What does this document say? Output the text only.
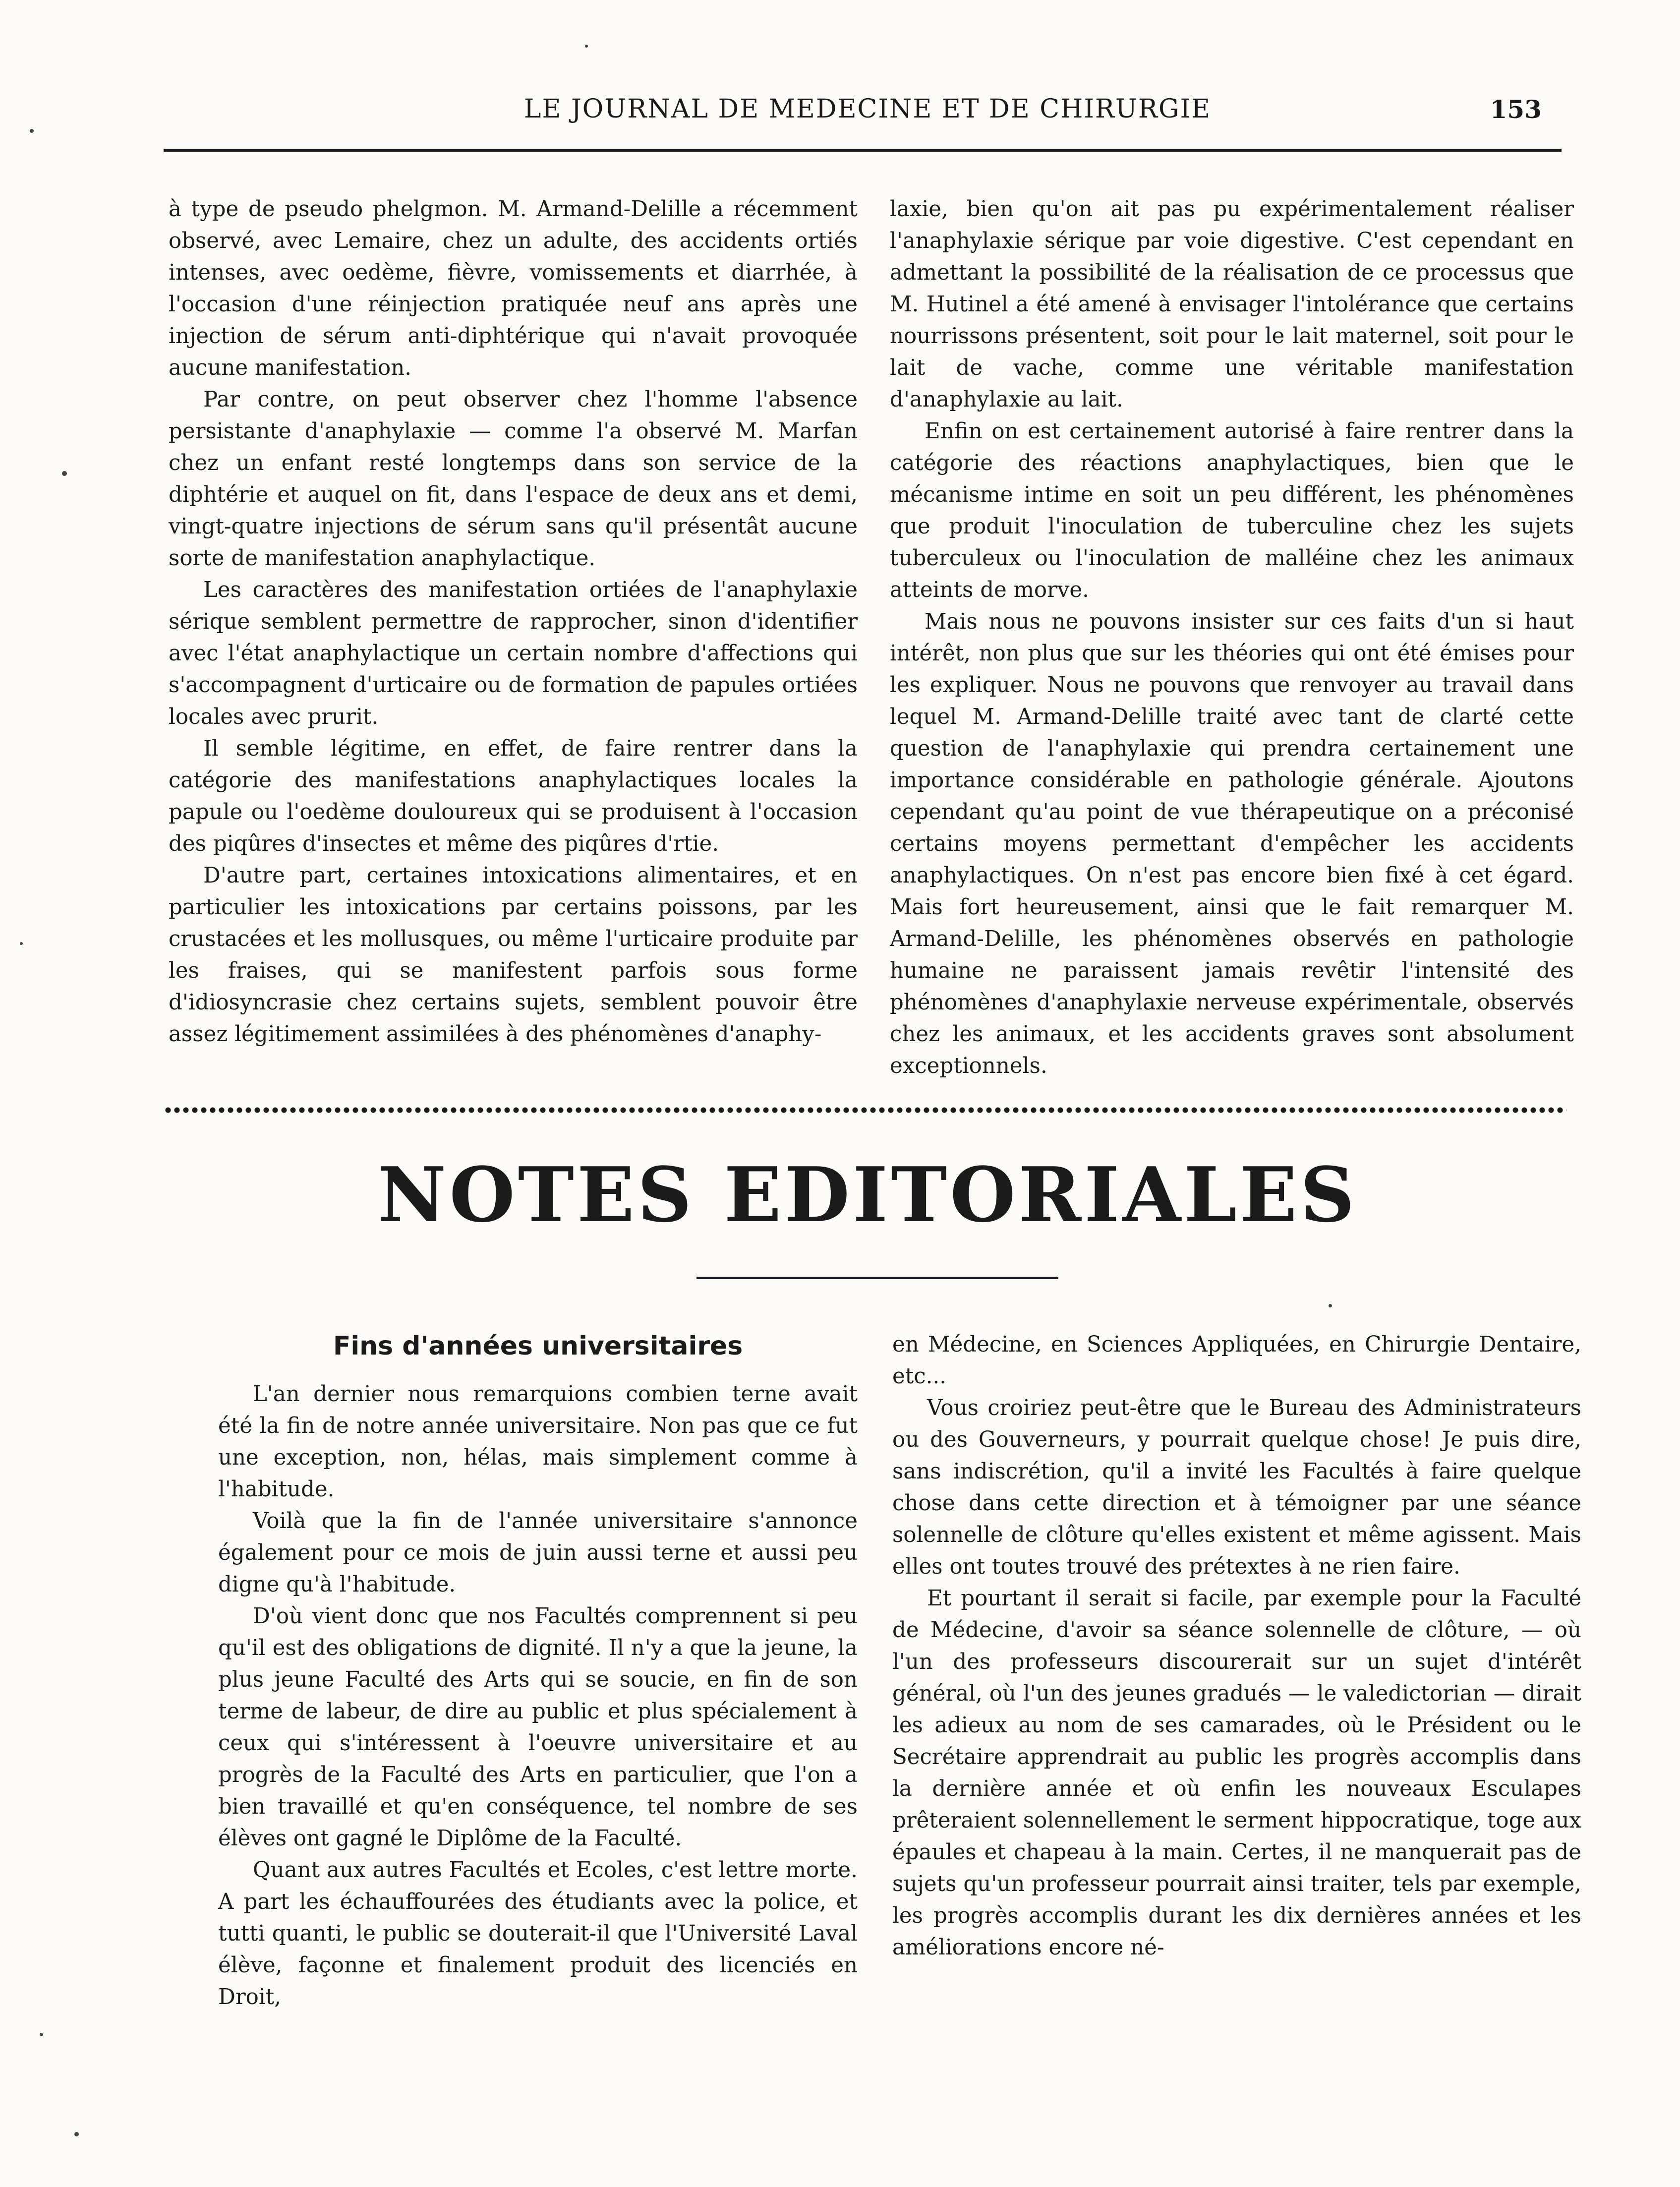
LE JOURNAL DE MEDECINE ET DE CHIRURGIE	153

à type de pseudo phelgmon. M. Armand-Delille a récemment observé, avec Lemaire, chez un adulte, des accidents ortiés intenses, avec oedème, fièvre, vomissements et diarrhée, à l'occasion d'une réinjection pratiquée neuf ans après une injection de sérum anti-diphtérique qui n'avait provoquée aucune manifestation.

Par contre, on peut observer chez l'homme l'absence persistante d'anaphylaxie — comme l'a observé M. Marfan chez un enfant resté longtemps dans son service de la diphtérie et auquel on fit, dans l'espace de deux ans et demi, vingt-quatre injections de sérum sans qu'il présentât aucune sorte de manifestation anaphylactique.

Les caractères des manifestation ortiées de l'anaphylaxie sérique semblent permettre de rapprocher, sinon d'identifier avec l'état anaphylactique un certain nombre d'affections qui s'accompagnent d'urticaire ou de formation de papules ortiées locales avec prurit.

Il semble légitime, en effet, de faire rentrer dans la catégorie des manifestations anaphylactiques locales la papule ou l'oedème douloureux qui se produisent à l'occasion des piqûres d'insectes et même des piqûres d'rtie.

D'autre part, certaines intoxications alimentaires, et en particulier les intoxications par certains poissons, par les crustacées et les mollusques, ou même l'urticaire produite par les fraises, qui se manifestent parfois sous forme d'idiosyncrasie chez certains sujets, semblent pouvoir être assez légitimement assimilées à des phénomènes d'anaphy-

laxie, bien qu'on ait pas pu expérimentalement réaliser l'anaphylaxie sérique par voie digestive. C'est cependant en admettant la possibilité de la réalisation de ce processus que M. Hutinel a été amené à envisager l'intolérance que certains nourrissons présentent, soit pour le lait maternel, soit pour le lait de vache, comme une véritable manifestation d'anaphylaxie au lait.

Enfin on est certainement autorisé à faire rentrer dans la catégorie des réactions anaphylactiques, bien que le mécanisme intime en soit un peu différent, les phénomènes que produit l'inoculation de tuberculine chez les sujets tuberculeux ou l'inoculation de malléine chez les animaux atteints de morve.

Mais nous ne pouvons insister sur ces faits d'un si haut intérêt, non plus que sur les théories qui ont été émises pour les expliquer. Nous ne pouvons que renvoyer au travail dans lequel M. Armand-Delille traité avec tant de clarté cette question de l'anaphylaxie qui prendra certainement une importance considérable en pathologie générale. Ajoutons cependant qu'au point de vue thérapeutique on a préconisé certains moyens permettant d'empêcher les accidents anaphylactiques. On n'est pas encore bien fixé à cet égard. Mais fort heureusement, ainsi que le fait remarquer M. Armand-Delille, les phénomènes observés en pathologie humaine ne paraissent jamais revêtir l'intensité des phénomènes d'anaphylaxie nerveuse expérimentale, observés chez les animaux, et les accidents graves sont absolument exceptionnels.

NOTES EDITORIALES
Fins d'années universitaires

L'an dernier nous remarquions combien terne avait été la fin de notre année universitaire. Non pas que ce fut une exception, non, hélas, mais simplement comme à l'habitude.

Voilà que la fin de l'année universitaire s'annonce également pour ce mois de juin aussi terne et aussi peu digne qu'à l'habitude.

D'où vient donc que nos Facultés comprennent si peu qu'il est des obligations de dignité. Il n'y a que la jeune, la plus jeune Faculté des Arts qui se soucie, en fin de son terme de labeur, de dire au public et plus spécialement à ceux qui s'intéressent à l'oeuvre universitaire et au progrès de la Faculté des Arts en particulier, que l'on a bien travaillé et qu'en conséquence, tel nombre de ses élèves ont gagné le Diplôme de la Faculté.

Quant aux autres Facultés et Ecoles, c'est lettre morte. A part les échauffourées des étudiants avec la police, et tutti quanti, le public se douterait-il que l'Université Laval élève, façonne et finalement produit des licenciés en Droit,

en Médecine, en Sciences Appliquées, en Chirurgie Dentaire, etc...

Vous croiriez peut-être que le Bureau des Administrateurs ou des Gouverneurs, y pourrait quelque chose! Je puis dire, sans indiscrétion, qu'il a invité les Facultés à faire quelque chose dans cette direction et à témoigner par une séance solennelle de clôture qu'elles existent et même agissent. Mais elles ont toutes trouvé des prétextes à ne rien faire.

Et pourtant il serait si facile, par exemple pour la Faculté de Médecine, d'avoir sa séance solennelle de clôture, — où l'un des professeurs discourerait sur un sujet d'intérêt général, où l'un des jeunes gradués — le valedictorian — dirait les adieux au nom de ses camarades, où le Président ou le Secrétaire apprendrait au public les progrès accomplis dans la dernière année et où enfin les nouveaux Esculapes prêteraient solennellement le serment hippocratique, toge aux épaules et chapeau à la main. Certes, il ne manquerait pas de sujets qu'un professeur pourrait ainsi traiter, tels par exemple, les progrès accomplis durant les dix dernières années et les améliorations encore né-
